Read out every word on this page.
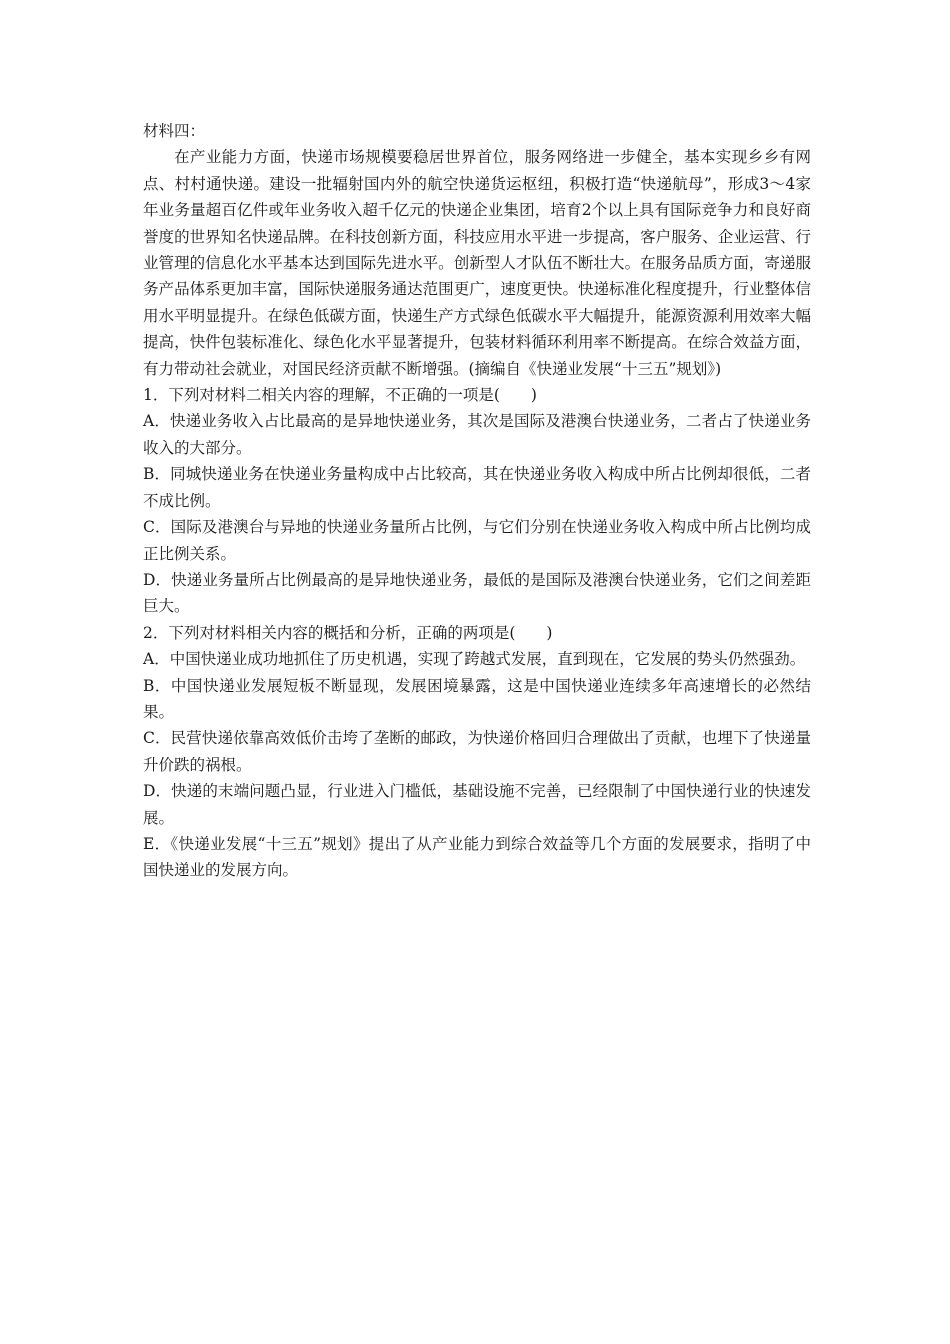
材料四：

在产业能力方面，快递市场规模要稳居世界首位，服务网络进一步健全，基本实现乡乡有网点、村村通快递。建设一批辐射国内外的航空快递货运枢纽，积极打造“快递航母”，形成3～4家年业务量超百亿件或年业务收入超千亿元的快递企业集团，培育2个以上具有国际竞争力和良好商誉度的世界知名快递品牌。在科技创新方面，科技应用水平进一步提高，客户服务、企业运营、行业管理的信息化水平基本达到国际先进水平。创新型人才队伍不断壮大。在服务品质方面，寄递服务产品体系更加丰富，国际快递服务通达范围更广，速度更快。快递标准化程度提升，行业整体信用水平明显提升。在绿色低碳方面，快递生产方式绿色低碳水平大幅提升，能源资源利用效率大幅提高，快件包装标准化、绿色化水平显著提升，包装材料循环利用率不断提高。在综合效益方面，有力带动社会就业，对国民经济贡献不断增强。(摘编自《快递业发展“十三五”规划》)

1．下列对材料二相关内容的理解，不正确的一项是(　　)

A．快递业务收入占比最高的是异地快递业务，其次是国际及港澳台快递业务，二者占了快递业务收入的大部分。

B．同城快递业务在快递业务量构成中占比较高，其在快递业务收入构成中所占比例却很低，二者不成比例。

C．国际及港澳台与异地的快递业务量所占比例，与它们分别在快递业务收入构成中所占比例均成正比例关系。

D．快递业务量所占比例最高的是异地快递业务，最低的是国际及港澳台快递业务，它们之间差距巨大。

2．下列对材料相关内容的概括和分析，正确的两项是(　　)

A．中国快递业成功地抓住了历史机遇，实现了跨越式发展，直到现在，它发展的势头仍然强劲。

B．中国快递业发展短板不断显现，发展困境暴露，这是中国快递业连续多年高速增长的必然结果。

C．民营快递依靠高效低价击垮了垄断的邮政，为快递价格回归合理做出了贡献，也埋下了快递量升价跌的祸根。

D．快递的末端问题凸显，行业进入门槛低，基础设施不完善，已经限制了中国快递行业的快速发展。

E．《快递业发展“十三五”规划》提出了从产业能力到综合效益等几个方面的发展要求，指明了中国快递业的发展方向。
